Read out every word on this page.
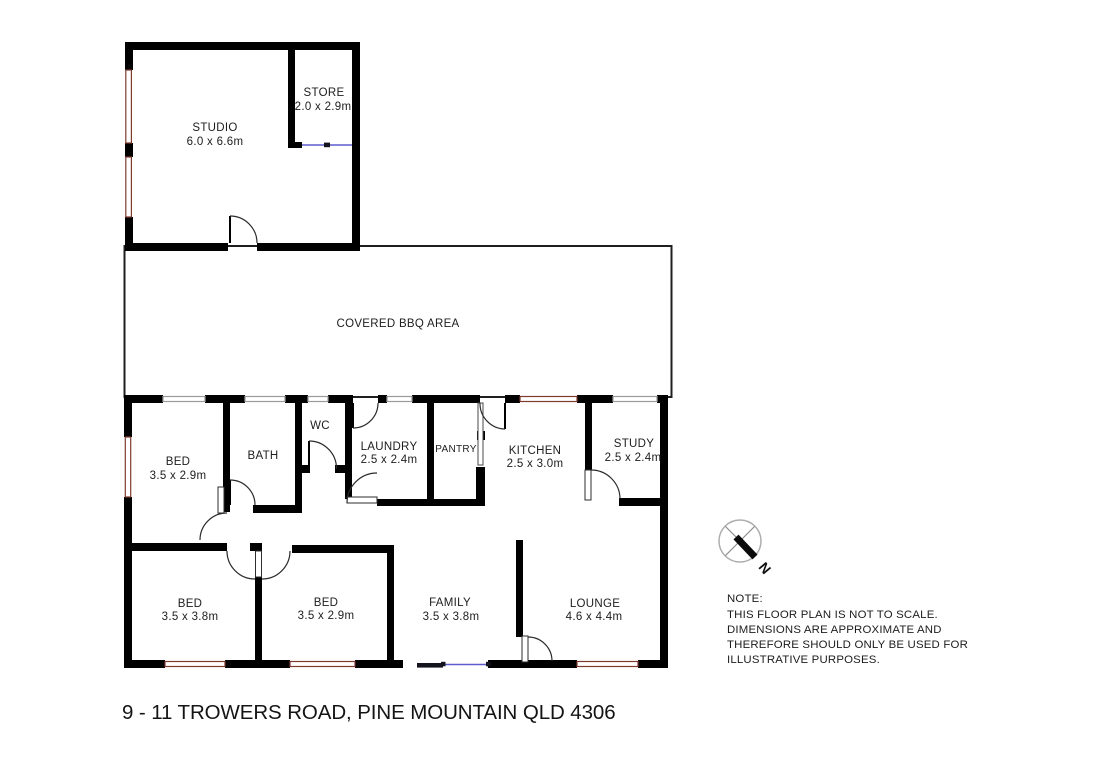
COVERED BBQ AREA
STUDIO
6.0 x 6.6m
STORE
2.0 x 2.9m
BED
3.5 x 2.9m
BATH
WC
LAUNDRY
2.5 x 2.4m
PANTRY	KITCHEN
2.5 x 3.0m
STUDY
2.5 x 2.4m
BED
3.5 x 3.8m
BED
3.5 x 2.9m
FAMILY
3.5 x 3.8m
LOUNGE
4.6 x 4.4m
N
NOTE:
THIS FLOOR PLAN IS NOT TO SCALE.
DIMENSIONS ARE APPROXIMATE AND
THEREFORE SHOULD ONLY BE USED FOR
ILLUSTRATIVE PURPOSES.
9 - 11 TROWERS ROAD, PINE MOUNTAIN QLD 4306
